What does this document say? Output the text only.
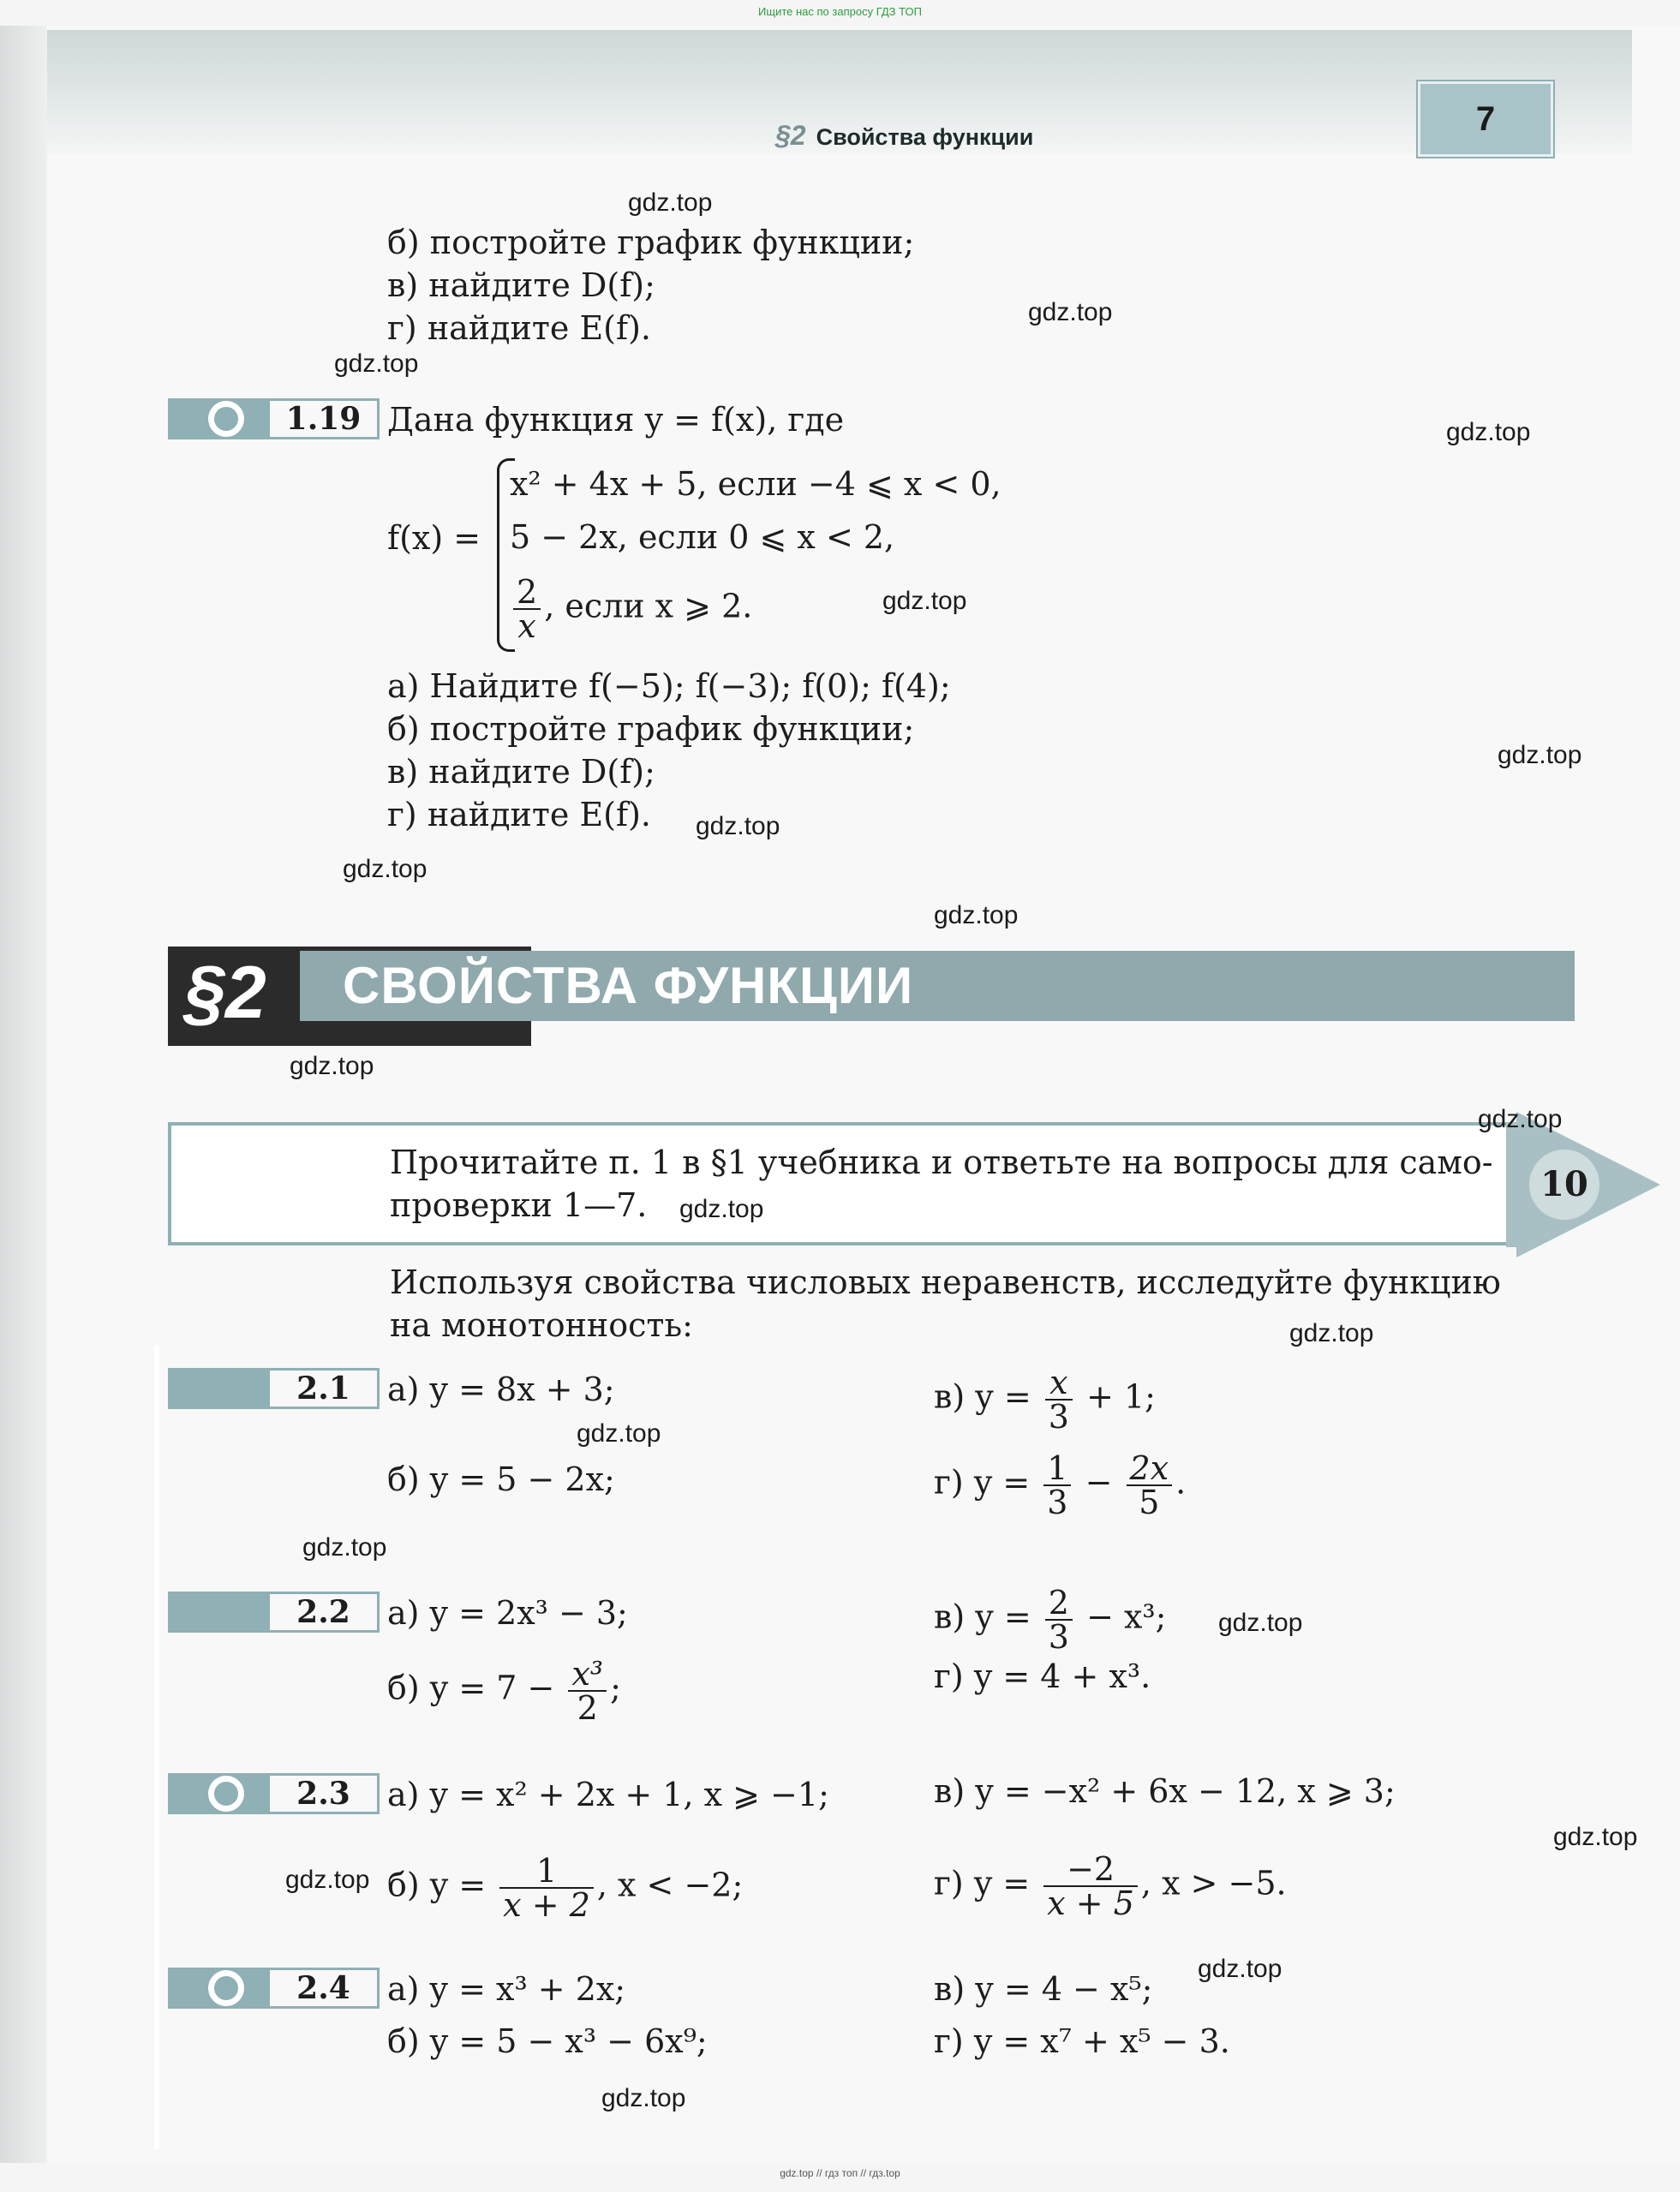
Ищите нас по запросу ГДЗ ТОП
§2 Свойства функции	7
б) постройте график функции;
в) найдите D(f);
г) найдите E(f).
1.19 Дана функция y = f(x), где
f(x) =
x² + 4x + 5, если −4 ⩽ x < 0,
5 − 2x, если 0 ⩽ x < 2,
$\frac{2}{x}$ , если x ⩾ 2.
а) Найдите f(−5); f(−3); f(0); f(4);
б) постройте график функции;
в) найдите D(f);
г) найдите E(f).
СВОЙСТВА ФУНКЦИИ
§2
10
Прочитайте п. 1 в §1 учебника и ответьте на вопросы для само-
проверки 1—7.
Используя свойства числовых неравенств, исследуйте функцию
на монотонность:
2.1	а) y = 8x + 3;	в) $y = \frac{x}{3} + 1$;
б) y = 5 − 2x;	г) $y = \frac{1}{3} - \frac{2x}{5}$ .
2.2	а) y = 2x³ − 3;	в) $y = \frac{2}{3} - x^3$;
б) $y = 7 - \frac{\text{x³}}{2}$ ;	г) y = 4 + x³.
2.3	а) y = x² + 2x + 1, x ⩾ −1;	в) y = −x² + 6x − 12, x ⩾ 3;
б) $y = \frac{1}{x + 2}$ , x < −2;	г) $y = \frac{-2}{x + 5}$ , x > −5.
2.4	а) y = x³ + 2x;	в) y = 4 − x⁵;
б) y = 5 − x³ − 6x⁹;	г) y = x⁷ + x⁵ − 3.
gdz.top
gdz.top
gdz.top
gdz.top
gdz.top
gdz.top
gdz.top
gdz.top
gdz.top
gdz.top
gdz.top
gdz.top
gdz.top
gdz.top
gdz.top
gdz.top
gdz.top
gdz.top
gdz.top
gdz.top
gdz.top // гдз топ // гдз.top
